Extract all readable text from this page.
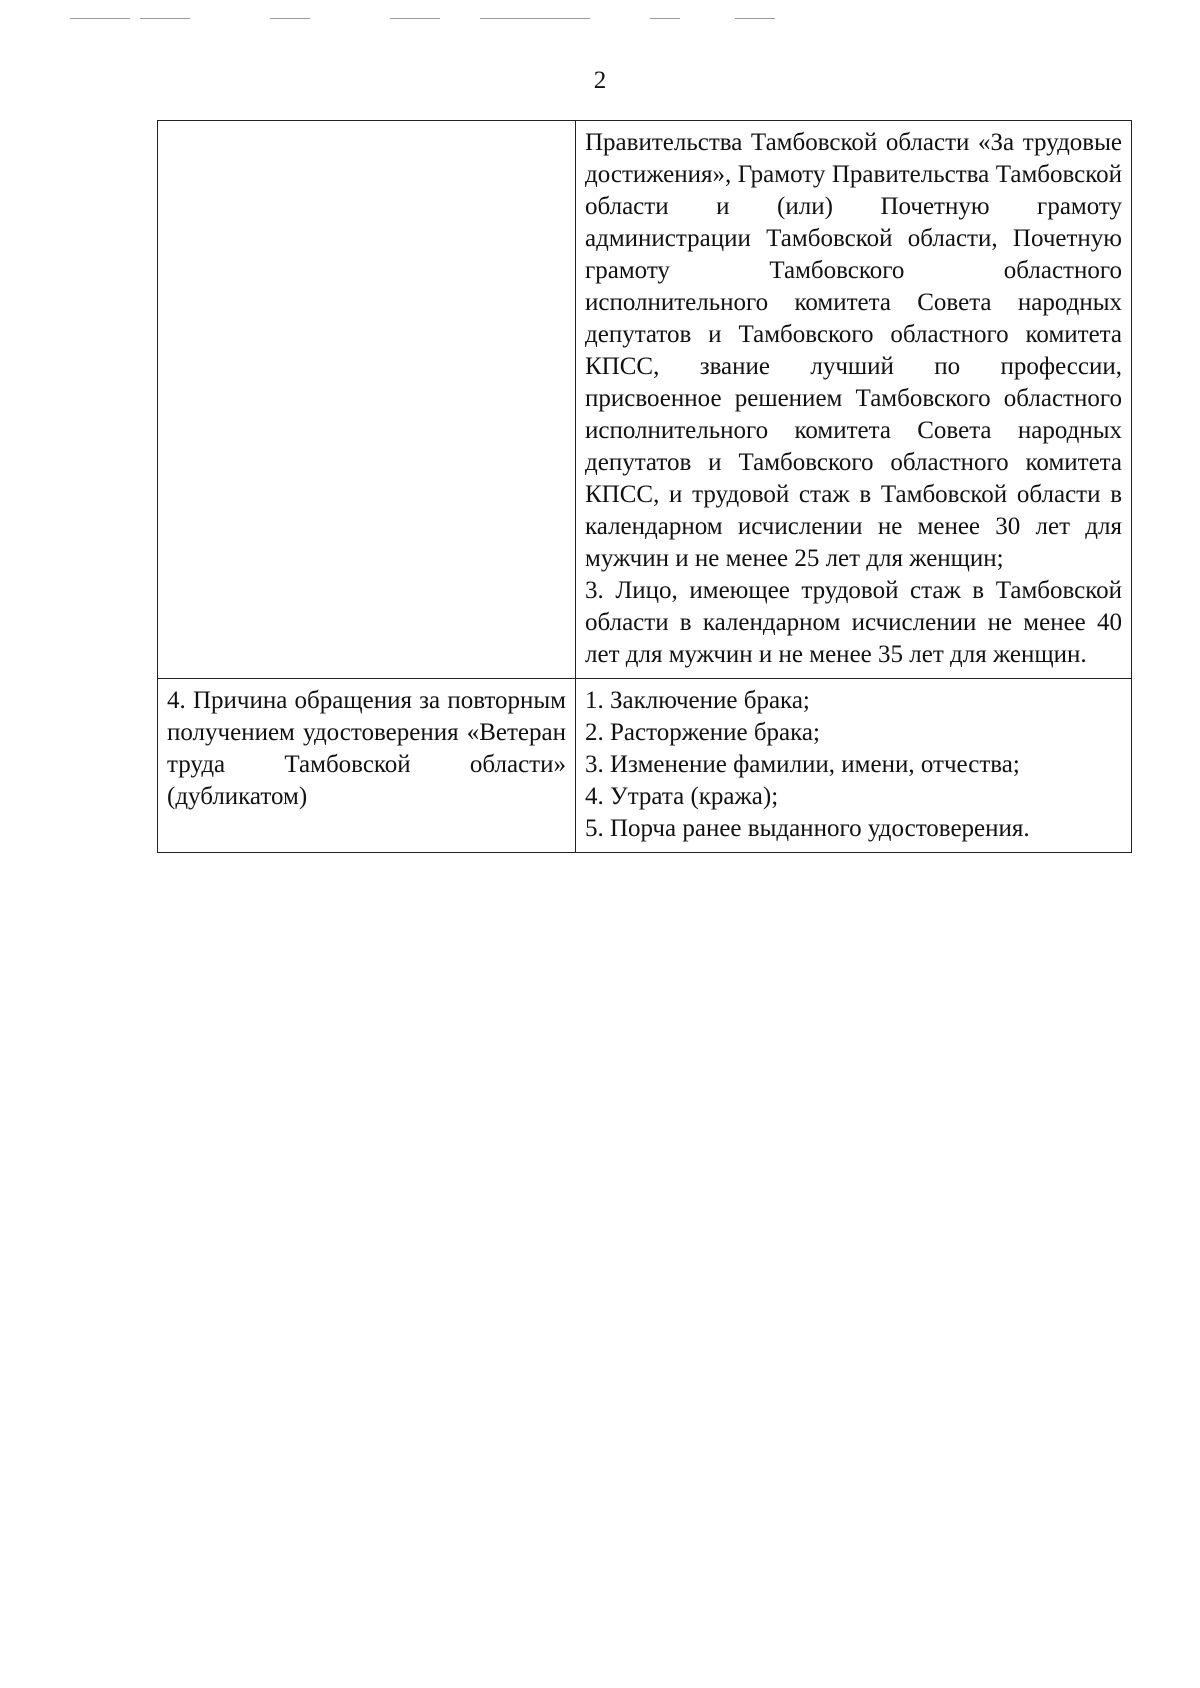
2

	Правительства Тамбовской области «За трудовые достижения», Грамоту Правительства Тамбовской области и (или) Почетную грамоту администрации Тамбовской области, Почетную грамоту Тамбовского областного исполнительного комитета Совета народных депутатов и Тамбовского областного комитета КПСС, звание лучший по профессии, присвоенное решением Тамбовского областного исполнительного комитета Совета народных депутатов и Тамбовского областного комитета КПСС, и трудовой стаж в Тамбовской области в календарном исчислении не менее 30 лет для мужчин и не менее 25 лет для женщин;

3. Лицо, имеющее трудовой стаж в Тамбовской области в календарном исчислении не менее 40 лет для мужчин и не менее 35 лет для женщин.

4. Причина обращения за повторным получением удостоверения «Ветеран труда Тамбовской области» (дубликатом)	1. Заключение брака;
2. Расторжение брака;
3. Изменение фамилии, имени, отчества;
4. Утрата (кража);
5. Порча ранее выданного удостоверения.
